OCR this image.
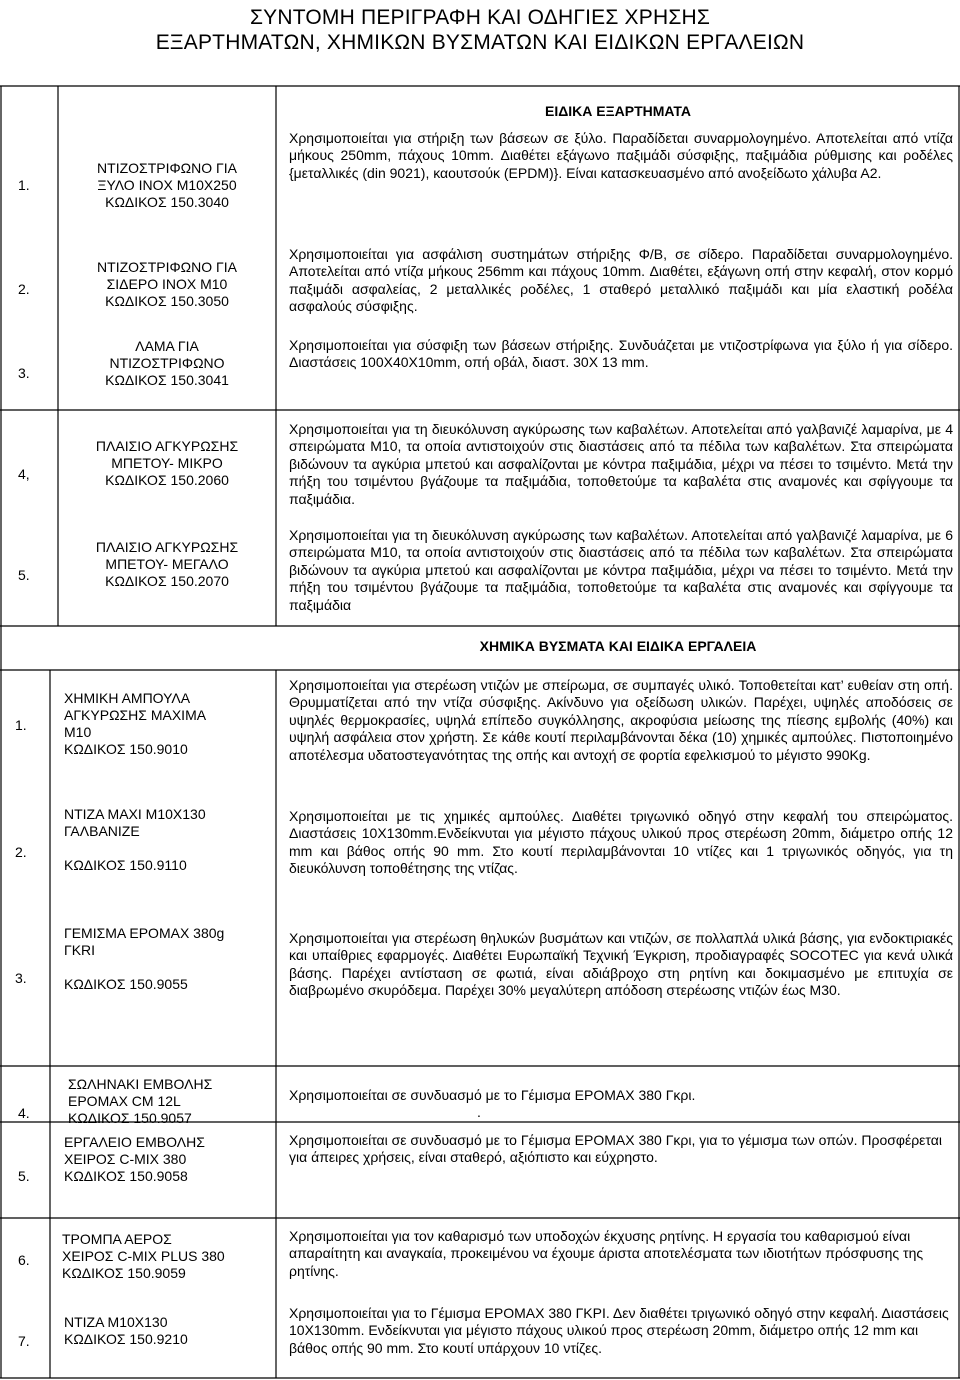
ΣΥΝΤΟΜΗ ΠΕΡΙΓΡΑΦΗ ΚΑΙ ΟΔΗΓΙΕΣ ΧΡΗΣΗΣ
ΕΞΑΡΤΗΜΑΤΩΝ, ΧΗΜΙΚΩΝ ΒΥΣΜΑΤΩΝ ΚΑΙ ΕΙΔΙΚΩΝ ΕΡΓΑΛΕΙΩΝ
ΕΙΔΙΚΑ ΕΞΑΡΤΗΜΑΤΑ
1.
ΝΤΙΖΟΣΤΡΙΦΩΝΟ ΓΙΑ
ΞΥΛΟ INOX M10X250
ΚΩΔΙΚΟΣ 150.3040
Χρησιμοποιείται για στήριξη των βάσεων σε ξύλο. Παραδίδεται συναρμολογημένο. Αποτελείται από ντίζα μήκους 250mm, πάχους 10mm. Διαθέτει εξάγωνο παξιμάδι σύσφιξης, παξιμάδια ρύθμισης και ροδέλες {μεταλλικές (din 9021), καουτσούκ (EPDM)}. Είναι κατασκευασμένο από ανοξείδωτο χάλυβα Α2.
2.
ΝΤΙΖΟΣΤΡΙΦΩΝΟ ΓΙΑ
ΣΙΔΕΡΟ INOX M10
ΚΩΔΙΚΟΣ 150.3050
Χρησιμοποιείται για ασφάλιση συστημάτων στήριξης Φ/Β, σε σίδερο. Παραδίδεται συναρμολογημένο. Αποτελείται από ντίζα μήκους 256mm και πάχους 10mm. Διαθέτει, εξάγωνη οπή στην κεφαλή, στον κορμό παξιμάδι ασφαλείας, 2 μεταλλικές ροδέλες, 1 σταθερό μεταλλικό παξιμάδι και μία ελαστική ροδέλα ασφαλούς σύσφιξης.
3.
ΛΑΜΑ ΓΙΑ
ΝΤΙΖΟΣΤΡΙΦΩΝΟ
ΚΩΔΙΚΟΣ 150.3041
Χρησιμοποιείται για σύσφιξη των βάσεων στήριξης. Συνδυάζεται με ντιζοστρίφωνα για ξύλο ή για σίδερο. Διαστάσεις 100Χ40Χ10mm, οπή οβάλ, διαστ. 30Χ 13 mm.
4,
ΠΛΑΙΣΙΟ ΑΓΚΥΡΩΣΗΣ
ΜΠΕΤΟΥ- ΜΙΚΡΟ
ΚΩΔΙΚΟΣ 150.2060
Χρησιμοποιείται για τη διευκόλυνση αγκύρωσης των καβαλέτων. Αποτελείται από γαλβανιζέ λαμαρίνα, με 4 σπειρώματα Μ10, τα οποία αντιστοιχούν στις διαστάσεις από τα πέδιλα των καβαλέτων. Στα σπειρώματα βιδώνουν τα αγκύρια μπετού και ασφαλίζονται με κόντρα παξιμάδια, μέχρι να πέσει το τσιμέντο. Μετά την πήξη του τσιμέντου βγάζουμε τα παξιμάδια, τοποθετούμε τα καβαλέτα στις αναμονές και σφίγγουμε τα παξιμάδια.
5.
ΠΛΑΙΣΙΟ ΑΓΚΥΡΩΣΗΣ
ΜΠΕΤΟΥ- ΜΕΓΑΛΟ
ΚΩΔΙΚΟΣ 150.2070
Χρησιμοποιείται για τη διευκόλυνση αγκύρωσης των καβαλέτων. Αποτελείται από γαλβανιζέ λαμαρίνα, με 6 σπειρώματα Μ10, τα οποία αντιστοιχούν στις διαστάσεις από τα πέδιλα των καβαλέτων. Στα σπειρώματα βιδώνουν τα αγκύρια μπετού και ασφαλίζονται με κόντρα παξιμάδια, μέχρι να πέσει το τσιμέντο. Μετά την πήξη του τσιμέντου βγάζουμε τα παξιμάδια, τοποθετούμε τα καβαλέτα στις αναμονές και σφίγγουμε τα παξιμάδια
ΧΗΜΙΚΑ ΒΥΣΜΑΤΑ ΚΑΙ ΕΙΔΙΚΑ ΕΡΓΑΛΕΙΑ
1.
ΧΗΜΙΚΗ ΑΜΠΟΥΛΑ
ΑΓΚΥΡΩΣΗΣ ΜΑΧΙΜΑ
Μ10
ΚΩΔΙΚΟΣ 150.9010
Χρησιμοποιείται για στερέωση ντιζών με σπείρωμα, σε συμπαγές υλικό. Τοποθετείται κατ’ ευθείαν στη οπή. Θρυμματίζεται από την ντίζα σύσφιξης. Ακίνδυνο για οξείδωση υλικών. Παρέχει, υψηλές αποδόσεις σε υψηλές θερμοκρασίες, υψηλά επίπεδο συγκόλλησης, ακροφύσια μείωσης της πίεσης εμβολής (40%) και υψηλή ασφάλεια στον χρήστη. Σε κάθε κουτί περιλαμβάνονται δέκα (10) χημικές αμπούλες. Πιστοποιημένο αποτέλεσμα υδατοστεγανότητας της οπής και αντοχή σε φορτία εφελκισμού το μέγιστο 990Kg.
2.
ΝΤΙΖΑ ΜΑΧΙ Μ10Χ130
ΓΑΛΒΑΝΙΖΕ

ΚΩΔΙΚΟΣ 150.9110
Χρησιμοποιείται με τις χημικές αμπούλες. Διαθέτει τριγωνικό οδηγό στην κεφαλή του σπειρώματος. Διαστάσεις 10Χ130mm.Ενδείκνυται για μέγιστο πάχους υλικού προς στερέωση 20mm, διάμετρο οπής 12 mm και βάθος οπής 90 mm. Στο κουτί περιλαμβάνονται 10 ντίζες και 1 τριγωνικός οδηγός, για τη διευκόλυνση τοποθέτησης της ντίζας.
3.
ΓΕΜΙΣΜΑ ΕΡΟΜΑΧ 380g
ΓΚRI

ΚΩΔΙΚΟΣ 150.9055
Χρησιμοποιείται για στερέωση θηλυκών βυσμάτων και ντιζών, σε πολλαπλά υλικά βάσης, για ενδοκτιριακές και υπαίθριες εφαρμογές. Διαθέτει Ευρωπαϊκή Τεχνική Έγκριση, προδιαγραφές SOCOTEC για κενά υλικά βάσης. Παρέχει αντίσταση σε φωτιά, είναι αδιάβροχο στη ρητίνη και δοκιμασμένο με επιτυχία σε διαβρωμένο σκυρόδεμα. Παρέχει 30% μεγαλύτερη απόδοση στερέωσης ντιζών έως Μ30.
4.
ΣΩΛΗΝΑΚΙ ΕΜΒΟΛΗΣ
ΕΡΟΜΑΧ CM 12L
ΚΩΔΙΚΟΣ 150.9057
Χρησιμοποιείται σε συνδυασμό με το Γέμισμα ΕΡΟΜΑΧ 380 Γκρι.
.
5.
ΕΡΓΑΛΕΙΟ ΕΜΒΟΛΗΣ
ΧΕΙΡΟΣ C-MIX 380
ΚΩΔΙΚΟΣ 150.9058
Χρησιμοποιείται σε συνδυασμό με το Γέμισμα ΕΡΟΜΑΧ 380 Γκρι, για το γέμισμα των οπών. Προσφέρεται για άπειρες χρήσεις, είναι σταθερό, αξιόπιστο και εύχρηστο.
6.
ΤΡΟΜΠΑ ΑΕΡΟΣ
ΧΕΙΡΟΣ C-MIX PLUS 380
ΚΩΔΙΚΟΣ 150.9059
Χρησιμοποιείται για τον καθαρισμό των υποδοχών έκχυσης ρητίνης. Η εργασία του καθαρισμού είναι απαραίτητη και αναγκαία, προκειμένου να έχουμε άριστα αποτελέσματα των ιδιοτήτων πρόσφυσης της ρητίνης.
7.
ΝΤΙΖΑ Μ10Χ130
ΚΩΔΙΚΟΣ 150.9210
Χρησιμοποιείται για το Γέμισμα ΕΡΟΜΑΧ 380 ΓΚΡΙ. Δεν διαθέτει τριγωνικό οδηγό στην κεφαλή. Διαστάσεις 10Χ130mm. Ενδείκνυται για μέγιστο πάχους υλικού προς στερέωση 20mm, διάμετρο οπής 12 mm και βάθος οπής 90 mm. Στο κουτί υπάρχουν 10 ντίζες.
